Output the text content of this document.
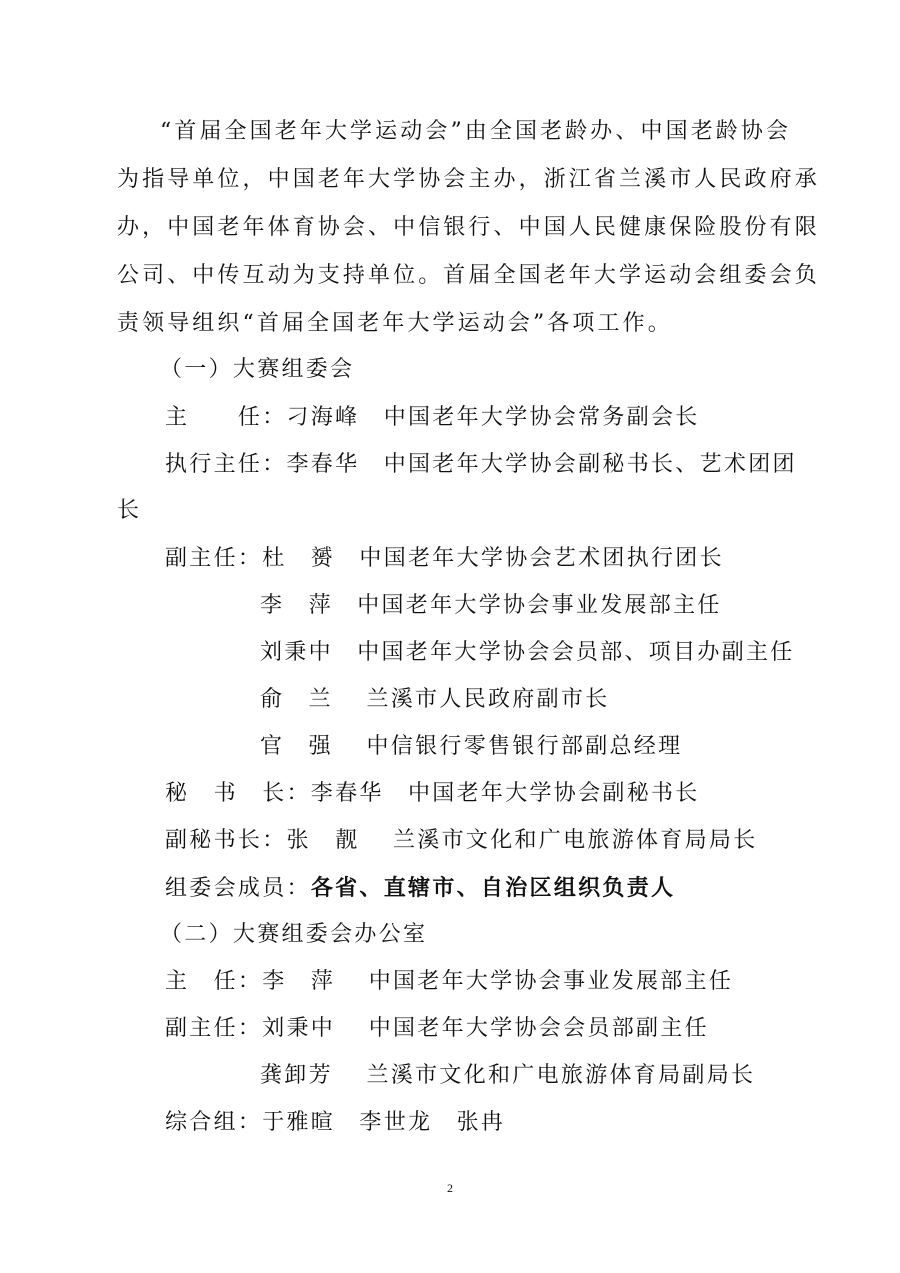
“首届全国老年大学运动会”由全国老龄办、中国老龄协会
为指导单位，中国老年大学协会主办，浙江省兰溪市人民政府承
办，中国老年体育协会、中信银行、中国人民健康保险股份有限
公司、中传互动为支持单位。首届全国老年大学运动会组委会负
责领导组织“首届全国老年大学运动会”各项工作。
（一）大赛组委会
主　　任：刁海峰　中国老年大学协会常务副会长
执行主任：李春华　中国老年大学协会副秘书长、艺术团团
长
副主任：杜　赟　中国老年大学协会艺术团执行团长
李　萍　中国老年大学协会事业发展部主任
刘秉中　中国老年大学协会会员部、项目办副主任
俞　兰　 兰溪市人民政府副市长
官　强　 中信银行零售银行部副总经理
秘　书　长：李春华　中国老年大学协会副秘书长
副秘书长：张　靓　 兰溪市文化和广电旅游体育局局长
组委会成员：各省、直辖市、自治区组织负责人
（二）大赛组委会办公室
主　任：李　萍　 中国老年大学协会事业发展部主任
副主任：刘秉中　 中国老年大学协会会员部副主任
龚卸芳　 兰溪市文化和广电旅游体育局副局长
综合组：于雅暄　李世龙　张冉
2
